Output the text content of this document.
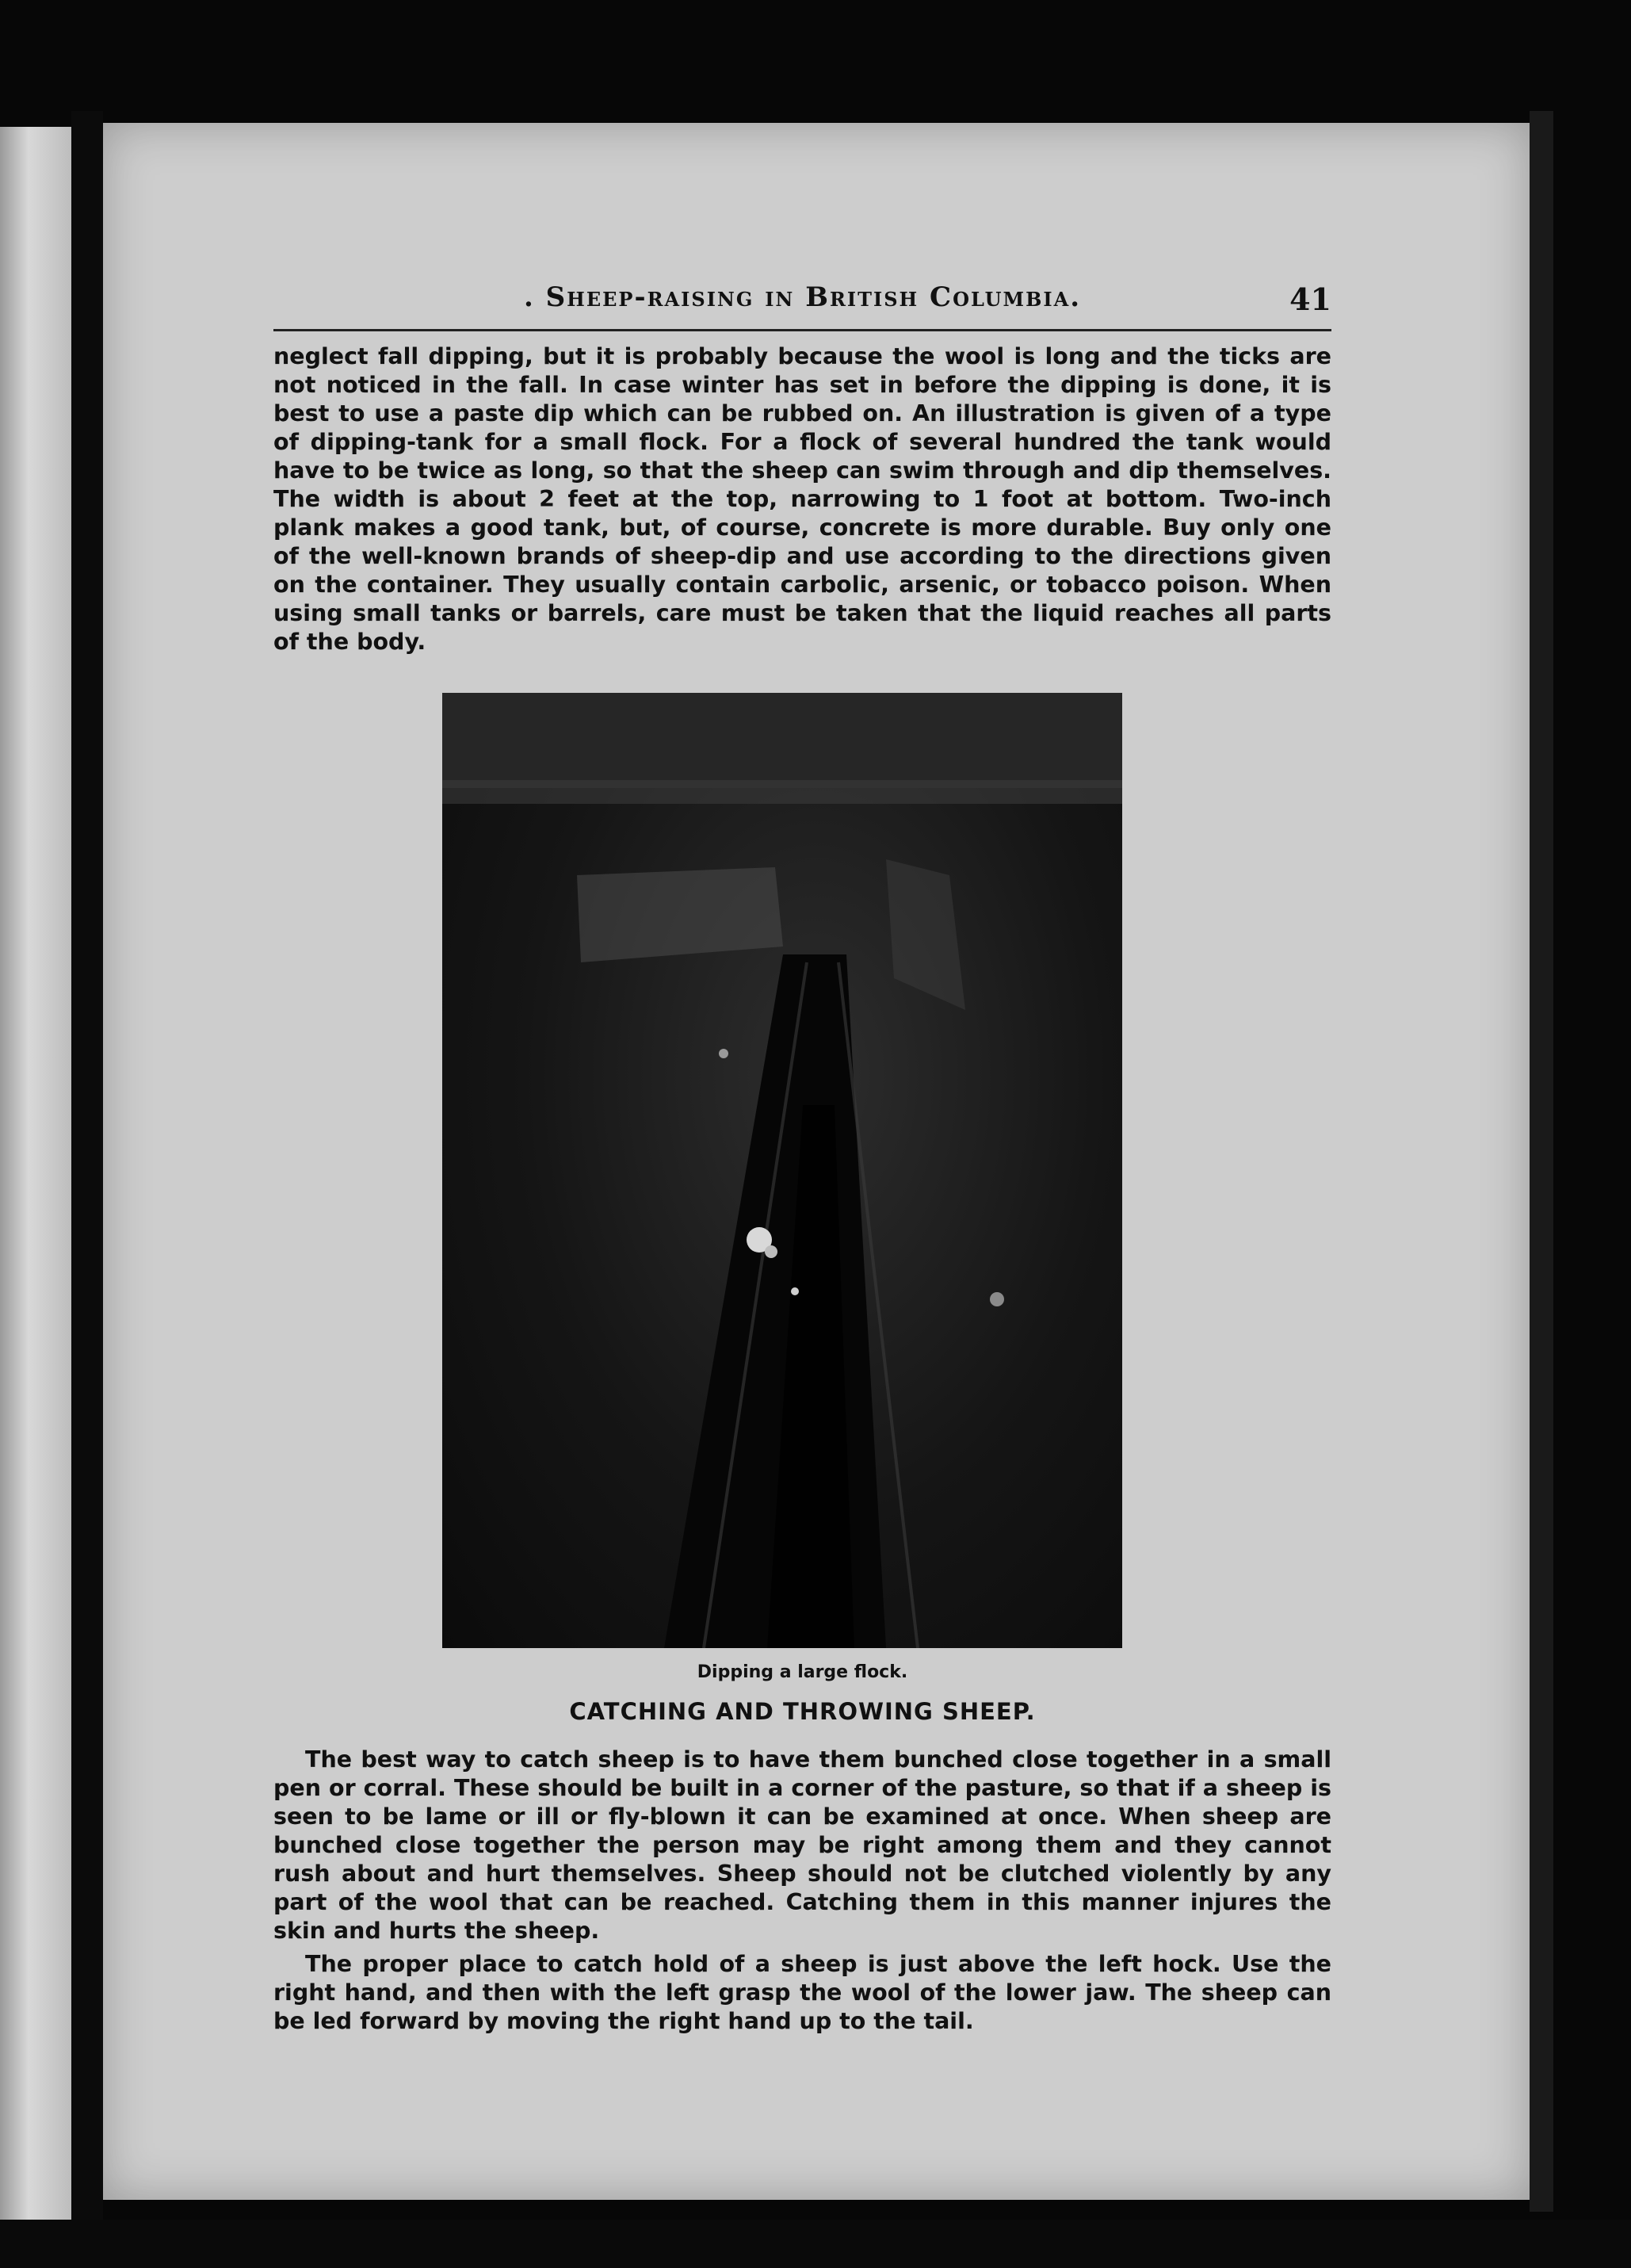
. Sheep-raising in British Columbia.	41

neglect fall dipping, but it is probably because the wool is long and the ticks are not noticed in the fall. In case winter has set in before the dipping is done, it is best to use a paste dip which can be rubbed on. An illustration is given of a type of dipping-tank for a small flock. For a flock of several hundred the tank would have to be twice as long, so that the sheep can swim through and dip themselves. The width is about 2 feet at the top, narrowing to 1 foot at bottom. Two-inch plank makes a good tank, but, of course, concrete is more durable. Buy only one of the well-known brands of sheep-dip and use according to the directions given on the container. They usually contain carbolic, arsenic, or tobacco poison. When using small tanks or barrels, care must be taken that the liquid reaches all parts of the body.

Dipping a large flock.
CATCHING AND THROWING SHEEP.

The best way to catch sheep is to have them bunched close together in a small pen or corral. These should be built in a corner of the pasture, so that if a sheep is seen to be lame or ill or fly-blown it can be examined at once. When sheep are bunched close together the person may be right among them and they cannot rush about and hurt themselves. Sheep should not be clutched violently by any part of the wool that can be reached. Catching them in this manner injures the skin and hurts the sheep.

The proper place to catch hold of a sheep is just above the left hock. Use the right hand, and then with the left grasp the wool of the lower jaw. The sheep can be led forward by moving the right hand up to the tail.
